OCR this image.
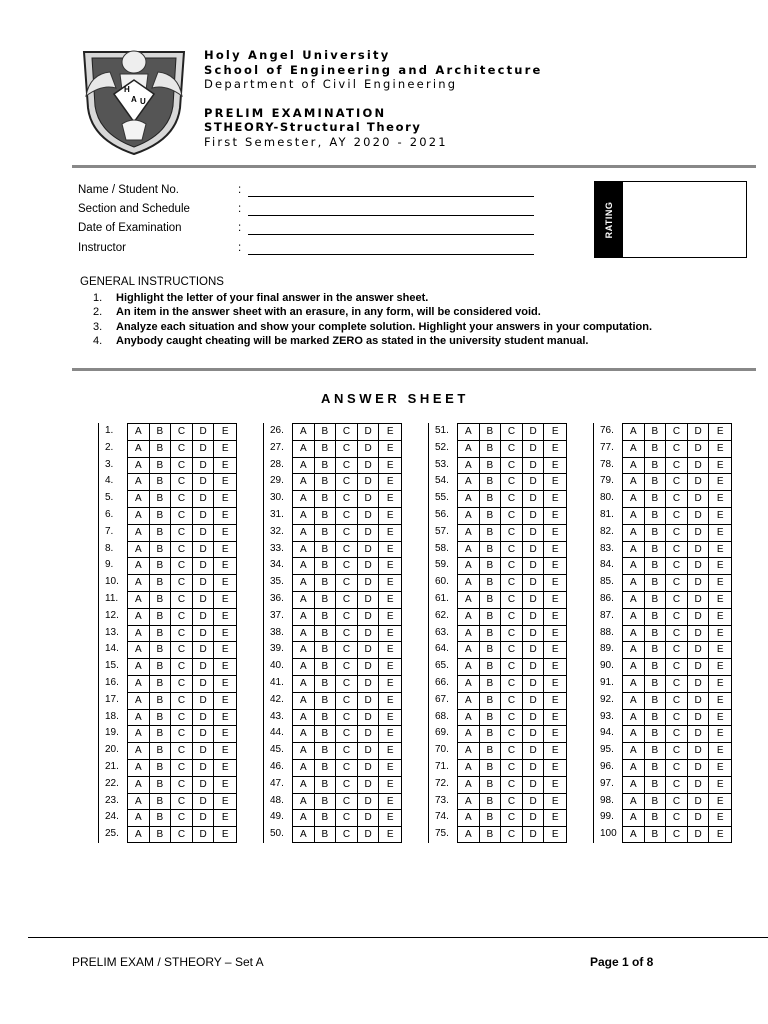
H
A U
Holy Angel University
School of Engineering and Architecture
Department of Civil Engineering
PRELIM EXAMINATION
STHEORY-Structural Theory
First Semester, AY 2020 - 2021
Name / Student No.	:
Section and Schedule	:
Date of Examination	:
Instructor	:
RATING
GENERAL INSTRUCTIONS
1. Highlight the letter of your final answer in the answer sheet.
2. An item in the answer sheet with an erasure, in any form, will be considered void.
3. Analyze each situation and show your complete solution. Highlight your answers in your computation.
4. Anybody caught cheating will be marked ZERO as stated in the university student manual.
ANSWER SHEET
1.	A	B	C	D	E
2.	A	B	C	D	E
3.	A	B	C	D	E
4.	A	B	C	D	E
5.	A	B	C	D	E
6.	A	B	C	D	E
7.	A	B	C	D	E
8.	A	B	C	D	E
9.	A	B	C	D	E
10.	A	B	C	D	E
11.	A	B	C	D	E
12.	A	B	C	D	E
13.	A	B	C	D	E
14.	A	B	C	D	E
15.	A	B	C	D	E
16.	A	B	C	D	E
17.	A	B	C	D	E
18.	A	B	C	D	E
19.	A	B	C	D	E
20.	A	B	C	D	E
21.	A	B	C	D	E
22.	A	B	C	D	E
23.	A	B	C	D	E
24.	A	B	C	D	E
25.	A	B	C	D	E
26.	A	B	C	D	E
27.	A	B	C	D	E
28.	A	B	C	D	E
29.	A	B	C	D	E
30.	A	B	C	D	E
31.	A	B	C	D	E
32.	A	B	C	D	E
33.	A	B	C	D	E
34.	A	B	C	D	E
35.	A	B	C	D	E
36.	A	B	C	D	E
37.	A	B	C	D	E
38.	A	B	C	D	E
39.	A	B	C	D	E
40.	A	B	C	D	E
41.	A	B	C	D	E
42.	A	B	C	D	E
43.	A	B	C	D	E
44.	A	B	C	D	E
45.	A	B	C	D	E
46.	A	B	C	D	E
47.	A	B	C	D	E
48.	A	B	C	D	E
49.	A	B	C	D	E
50.	A	B	C	D	E
51.	A	B	C	D	E
52.	A	B	C	D	E
53.	A	B	C	D	E
54.	A	B	C	D	E
55.	A	B	C	D	E
56.	A	B	C	D	E
57.	A	B	C	D	E
58.	A	B	C	D	E
59.	A	B	C	D	E
60.	A	B	C	D	E
61.	A	B	C	D	E
62.	A	B	C	D	E
63.	A	B	C	D	E
64.	A	B	C	D	E
65.	A	B	C	D	E
66.	A	B	C	D	E
67.	A	B	C	D	E
68.	A	B	C	D	E
69.	A	B	C	D	E
70.	A	B	C	D	E
71.	A	B	C	D	E
72.	A	B	C	D	E
73.	A	B	C	D	E
74.	A	B	C	D	E
75.	A	B	C	D	E
76.	A	B	C	D	E
77.	A	B	C	D	E
78.	A	B	C	D	E
79.	A	B	C	D	E
80.	A	B	C	D	E
81.	A	B	C	D	E
82.	A	B	C	D	E
83.	A	B	C	D	E
84.	A	B	C	D	E
85.	A	B	C	D	E
86.	A	B	C	D	E
87.	A	B	C	D	E
88.	A	B	C	D	E
89.	A	B	C	D	E
90.	A	B	C	D	E
91.	A	B	C	D	E
92.	A	B	C	D	E
93.	A	B	C	D	E
94.	A	B	C	D	E
95.	A	B	C	D	E
96.	A	B	C	D	E
97.	A	B	C	D	E
98.	A	B	C	D	E
99.	A	B	C	D	E
100	A	B	C	D	E
PRELIM EXAM / STHEORY – Set A	Page 1 of 8
